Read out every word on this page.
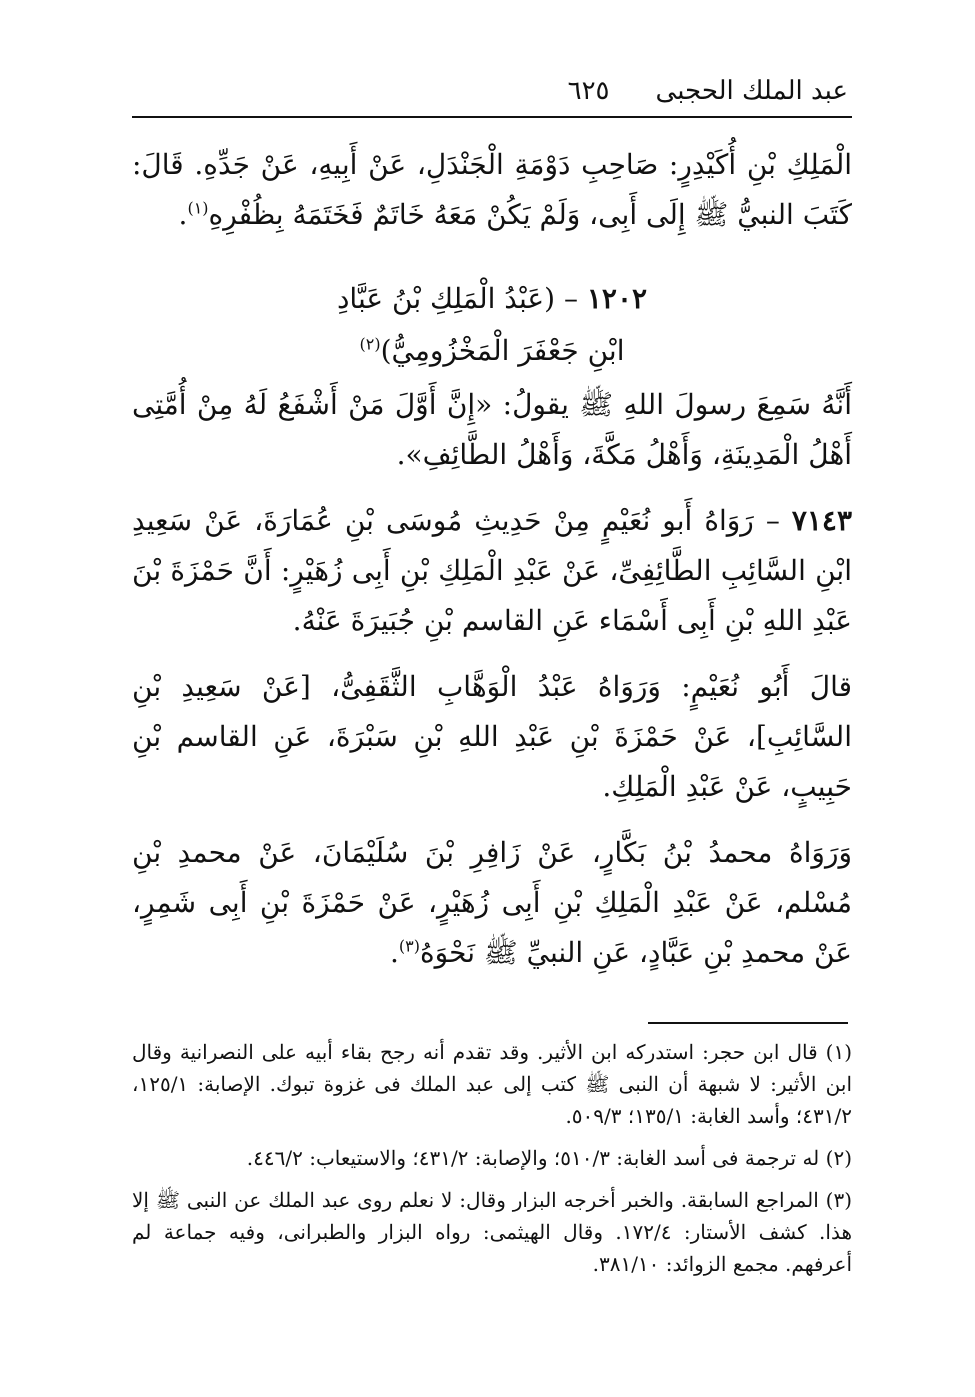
عبد الملك الحجبى
٦٢٥

الْمَلِكِ بْنِ أُكَيْدِرٍ: صَاحِبِ دَوْمَةِ الْجَنْدَلِ، عَنْ أَبِيهِ، عَنْ جَدِّهِ. قَالَ: كَتَبَ النبيُّ ﷺ إِلَى أَبِى، وَلَمْ يَكُنْ مَعَهُ خَاتَمٌ فَخَتَمَهُ بِظُفْرِهِ$^{(١)}$.

١٢٠٢ – (عَبْدُ الْمَلِكِ بْنُ عَبَّادِ

ابْنِ جَعْفَرَ الْمَخْزُومِيُّ)$^{(٢)}$

أَنَّهُ سَمِعَ رسولَ اللهِ ﷺ يقولُ: «إِنَّ أَوَّلَ مَنْ أَشْفَعُ لَهُ مِنْ أُمَّتِى أَهْلُ الْمَدِينَةِ، وَأَهْلُ مَكَّةَ، وَأَهْلُ الطَّائِفِ».

٧١٤٣ – رَوَاهُ أَبو نُعَيْمٍ مِنْ حَدِيثِ مُوسَى بْنِ عُمَارَةَ، عَنْ سَعِيدِ ابْنِ السَّائِبِ الطَّائِفِىِّ، عَنْ عَبْدِ الْمَلِكِ بْنِ أَبِى زُهَيْرٍ: أَنَّ حَمْزَةَ بْنَ عَبْدِ اللهِ بْنِ أَبِى أَسْمَاء عَنِ القاسم بْنِ جُبَيرَةَ عَنْهُ.

قالَ أَبُو نُعَيْمٍ: وَرَوَاهُ عَبْدُ الْوَهَّابِ الثَّقَفِىُّ، [عَنْ سَعِيدِ بْنِ السَّائِبِ]، عَنْ حَمْزَةَ بْنِ عَبْدِ اللهِ بْنِ سَبْرَةَ، عَنِ القاسم بْنِ حَبِيبٍ، عَنْ عَبْدِ الْمَلِكِ.

وَرَوَاهُ محمدُ بْنُ بَكَّارٍ، عَنْ زَافِرِ بْنَ سُلَيْمَانَ، عَنْ محمدِ بْنِ مُسْلم، عَنْ عَبْدِ الْمَلِكِ بْنِ أَبِى زُهَيْرٍ، عَنْ حَمْزَةَ بْنِ أَبِى شَمِرٍ، عَنْ محمدِ بْنِ عَبَّادٍ، عَنِ النبيِّ ﷺ نَحْوَهُ$^{(٣)}$.

(١) قال ابن حجر: استدركه ابن الأثير. وقد تقدم أنه رجح بقاء أبيه على النصرانية وقال ابن الأثير: لا شبهة أن النبى ﷺ كتب إلى عبد الملك فى غزوة تبوك. الإصابة: ١٢٥/١، ٤٣١/٢؛ وأسد الغابة: ١٣٥/١؛ ٥٠٩/٣.

(٢) له ترجمة فى أسد الغابة: ٥١٠/٣؛ والإصابة: ٤٣١/٢؛ والاستيعاب: ٤٤٦/٢.

(٣) المراجع السابقة. والخبر أخرجه البزار وقال: لا نعلم روى عبد الملك عن النبى ﷺ إلا هذا. كشف الأستار: ١٧٢/٤. وقال الهيثمى: رواه البزار والطبرانى، وفيه جماعة لم أعرفهم. مجمع الزوائد: ٣٨١/١٠.
